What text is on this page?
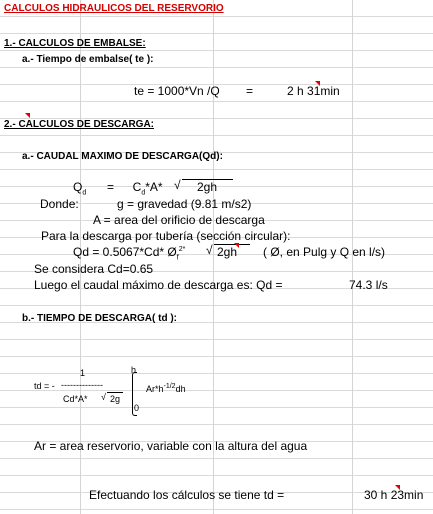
CALCULOS HIDRAULICOS DEL RESERVORIO
1.- CALCULOS DE EMBALSE:
a.- Tiempo de embalse( te ):
te = 1000*Vn /Q =	2 h 31min
2.- CALCULOS DE DESCARGA:
a.- CAUDAL MAXIMO DE DESCARGA(Qd):
$Q_d = C_d*A*$ √ 2gh
Donde:	g = gravedad (9.81 m/s2)
A = area del orificio de descarga
Para la descarga por tubería (sección circular):
Qd = 0.5067*Cd* $Ø_f^{2*}$ √ 2gh ( Ø, en Pulg y Q en l/s)
Se considera Cd=0.65
Luego el caudal máximo de descarga es: Qd =	74.3 l/s
b.- TIEMPO DE DESCARGA( td ):
1
td = - --------------
Cd*A* √ 2g
h
0
$Ar*h^{-1/2}dh$
Ar = area reservorio, variable con la altura del agua
Efectuando los cálculos se tiene td =	30 h 23min
